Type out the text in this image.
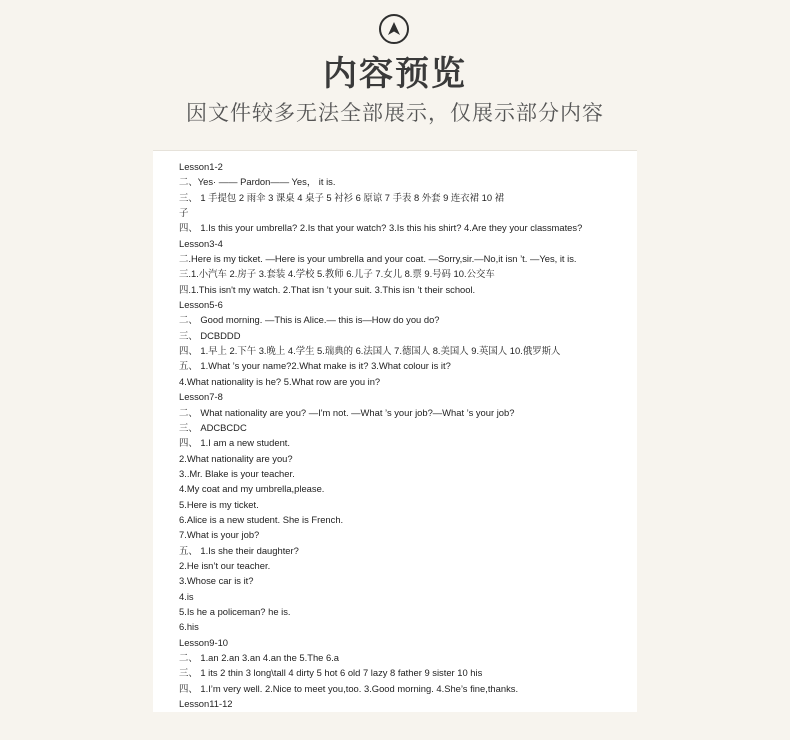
内容预览
因文件较多无法全部展示，仅展示部分内容
Lesson1-2
二、Yes· —— Pardon—— Yes， it is.
三、 1 手提包 2 雨伞 3 课桌 4 桌子 5 衬衫 6 原谅 7 手表 8 外套 9 连衣裙 10 裙
子
四、 1.Is this your umbrella? 2.Is that your watch? 3.Is this his shirt? 4.Are they your classmates?
Lesson3-4
二.Here is my ticket. —Here is your umbrella and your coat. —Sorry,sir.—No,it isn ’t. —Yes, it is.
三.1.小汽车 2.房子 3.套装 4.学校 5.教师 6.儿子 7.女儿 8.票 9.号码 10.公交车
四.1.This isn't my watch. 2.That isn ’t your suit. 3.This isn ’t their school.
Lesson5-6
二、 Good morning. —This is Alice.— this is—How do you do?
三、 DCBDDD
四、 1.早上 2.下午 3.晚上 4.学生 5.瑞典的 6.法国人 7.德国人 8.美国人 9.英国人 10.俄罗斯人
五、 1.What ’s your name?2.What make is it? 3.What colour is it?
4.What nationality is he? 5.What row are you in?
Lesson7-8
二、 What nationality are you? —I'm not. —What ’s your job?—What ’s your job?
三、 ADCBCDC
四、 1.I am a new student.
2.What nationality are you?
3..Mr. Blake is your teacher.
4.My coat and my umbrella,please.
5.Here is my ticket.
6.Alice is a new student. She is French.
7.What is your job?
五、 1.Is she their daughter?
2.He isn’t our teacher.
3.Whose car is it?
4.is
5.Is he a policeman? he is.
6.his
Lesson9-10
二、 1.an 2.an 3.an 4.an the 5.The 6.a
三、 1 its 2 thin 3 long\tall 4 dirty 5 hot 6 old 7 lazy 8 father 9 sister 10 his
四、 1.I’m very well. 2.Nice to meet you,too. 3.Good morning. 4.She’s fine,thanks.
Lesson11-12
